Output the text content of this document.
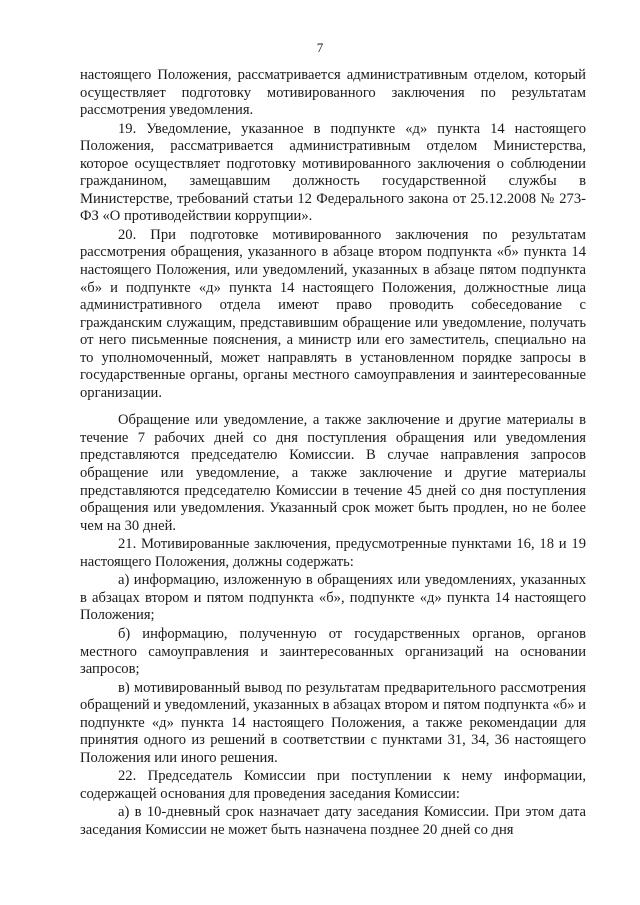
7

настоящего Положения, рассматривается административным отделом, который осуществляет подготовку мотивированного заключения по результатам рассмотрения уведомления.

19. Уведомление, указанное в подпункте «д» пункта 14 настоящего Положения, рассматривается административным отделом Министерства, которое осуществляет подготовку мотивированного заключения о соблюдении гражданином, замещавшим должность государственной службы в Министерстве, требований статьи 12 Федерального закона от 25.12.2008 № 273-ФЗ «О противодействии коррупции».

20. При подготовке мотивированного заключения по результатам рассмотрения обращения, указанного в абзаце втором подпункта «б» пункта 14 настоящего Положения, или уведомлений, указанных в абзаце пятом подпункта «б» и подпункте «д» пункта 14 настоящего Положения, должностные лица административного отдела имеют право проводить собеседование с гражданским служащим, представившим обращение или уведомление, получать от него письменные пояснения, а министр или его заместитель, специально на то уполномоченный, может направлять в установленном порядке запросы в государственные органы, органы местного самоуправления и заинтересованные организации.

Обращение или уведомление, а также заключение и другие материалы в течение 7 рабочих дней со дня поступления обращения или уведомления представляются председателю Комиссии. В случае направления запросов обращение или уведомление, а также заключение и другие материалы представляются председателю Комиссии в течение 45 дней со дня поступления обращения или уведомления. Указанный срок может быть продлен, но не более чем на 30 дней.

21. Мотивированные заключения, предусмотренные пунктами 16, 18 и 19 настоящего Положения, должны содержать:

а) информацию, изложенную в обращениях или уведомлениях, указанных в абзацах втором и пятом подпункта «б», подпункте «д» пункта 14 настоящего Положения;

б) информацию, полученную от государственных органов, органов местного самоуправления и заинтересованных организаций на основании запросов;

в) мотивированный вывод по результатам предварительного рассмотрения обращений и уведомлений, указанных в абзацах втором и пятом подпункта «б» и подпункте «д» пункта 14 настоящего Положения, а также рекомендации для принятия одного из решений в соответствии с пунктами 31, 34, 36 настоящего Положения или иного решения.

22. Председатель Комиссии при поступлении к нему информации, содержащей основания для проведения заседания Комиссии:

а) в 10-дневный срок назначает дату заседания Комиссии. При этом дата заседания Комиссии не может быть назначена позднее 20 дней со дня
